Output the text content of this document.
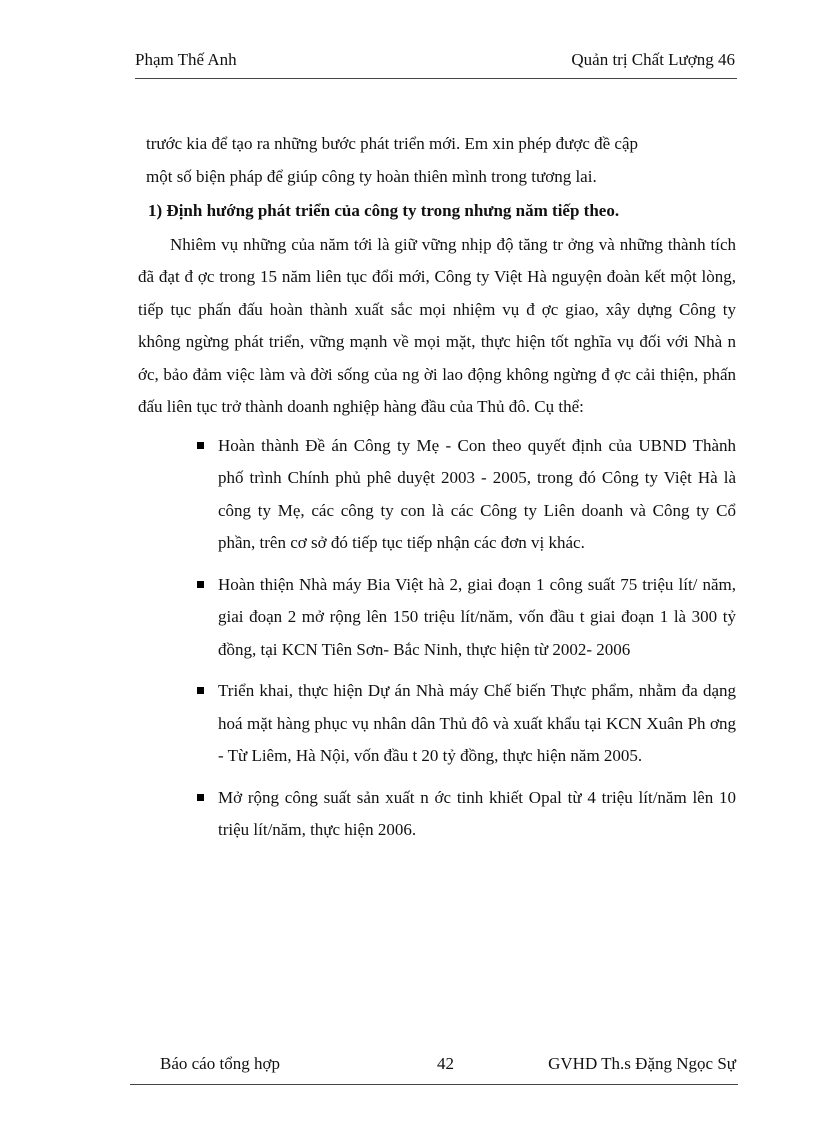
Phạm Thế Anh	Quản trị Chất Lượng 46

trước kia để tạo ra những bước phát triển mới. Em xin phép được đề cập

một số biện pháp để giúp công ty hoàn thiên mình trong tương lai.

1) Định hướng phát triển của công ty trong nhưng năm tiếp theo.

Nhiêm vụ những của năm tới là giữ vững nhịp độ tăng tr ởng và những thành tích đã đạt đ ợc trong 15 năm liên tục đổi mới, Công ty Việt Hà nguyện đoàn kết một lòng, tiếp tục phấn đấu hoàn thành xuất sắc mọi nhiệm vụ đ ợc giao, xây dựng Công ty không ngừng phát triển, vững mạnh về mọi mặt, thực hiện tốt nghĩa vụ đối với Nhà n ớc, bảo đảm việc làm và đời sống của ng ời lao động không ngừng đ ợc cải thiện, phấn đấu liên tục trở thành doanh nghiệp hàng đầu của Thủ đô. Cụ thể:

Hoàn thành Đề án Công ty Mẹ - Con theo quyết định của UBND Thành phố trình Chính phủ phê duyệt 2003 - 2005, trong đó Công ty Việt Hà là công ty Mẹ, các công ty con là các Công ty Liên doanh và Công ty Cổ phần, trên cơ sở đó tiếp tục tiếp nhận các đơn vị khác.
Hoàn thiện Nhà máy Bia Việt hà 2, giai đoạn 1 công suất 75 triệu lít/ năm, giai đoạn 2 mở rộng lên 150 triệu lít/năm, vốn đầu t giai đoạn 1 là 300 tỷ đồng, tại KCN Tiên Sơn- Bắc Ninh, thực hiện từ 2002- 2006
Triển khai, thực hiện Dự án Nhà máy Chế biến Thực phẩm, nhằm đa dạng hoá mặt hàng phục vụ nhân dân Thủ đô và xuất khẩu tại KCN Xuân Ph ơng - Từ Liêm, Hà Nội, vốn đầu t 20 tỷ đồng, thực hiện năm 2005.
Mở rộng công suất sản xuất n ớc tinh khiết Opal từ 4 triệu lít/năm lên 10 triệu lít/năm, thực hiện 2006.
Báo cáo tổng hợp	42	GVHD Th.s Đặng Ngọc Sự
